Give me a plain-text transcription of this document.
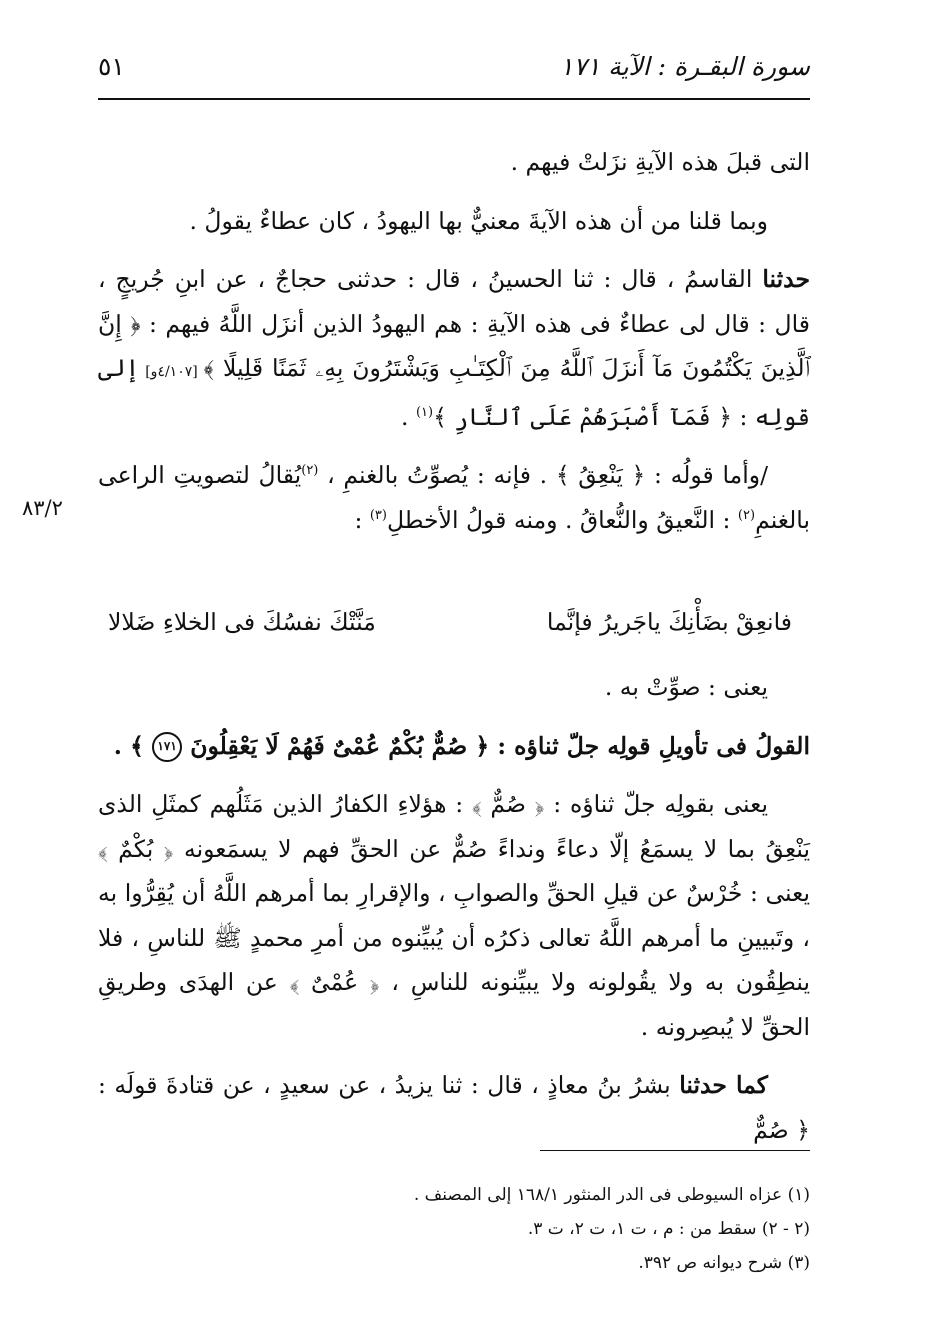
سورة البقـرة : الآية ١٧١
٥١
٨٣/٢

التى قبلَ هذه الآيةِ نزَلتْ فيهم .

وبما قلنا من أن هذه الآيةَ معنيٌّ بها اليهودُ ، كان عطاءٌ يقولُ .

حدثنا القاسمُ ، قال : ثنا الحسينُ ، قال : حدثنى حجاجٌ ، عن ابنِ جُريجٍ ، قال : قال لى عطاءٌ فى هذه الآيةِ : هم اليهودُ الذين أنزَل اللَّهُ فيهم : ﴿ إِنَّ ٱلَّذِينَ يَكْتُمُونَ مَآ أَنزَلَ ٱللَّهُ مِنَ ٱلْكِتَـٰبِ وَيَشْتَرُونَ بِهِۦ ثَمَنًا قَلِيلًا ﴾ [٤/١٠٧و] إلى قولِه : ﴿ فَمَآ أَصْبَرَهُمْ عَلَى ٱلنَّارِ ﴾$^{(١)}$ .

/وأما قولُه : ﴿ يَنْعِقُ ﴾ . فإنه : يُصوِّتُ بالغنمِ ، $^{(٢)}$يُقالُ لتصويتِ الراعى بالغنمِ$^{(٢)}$ : النَّعيقُ والنُّعاقُ . ومنه قولُ الأخطلِ$^{(٣)}$ :

فانعِقْ بضَأْنِكَ ياجَريرُ فإنَّما
مَنَّتْكَ نفسُكَ فى الخلاءِ ضَلالا

يعنى : صوِّتْ به .

القولُ فى تأويلِ قولِه جلّ ثناؤه : ﴿ صُمٌّ بُكْمٌ عُمْىٌ فَهُمْ لَا يَعْقِلُونَ ١٧١ ﴾ .

يعنى بقولِه جلّ ثناؤه : ﴿ صُمٌّ ﴾ : هؤلاءِ الكفارُ الذين مَثَلُهم كمثَلِ الذى يَنْعِقُ بما لا يسمَعُ إلّا دعاءً ونداءً صُمٌّ عن الحقِّ فهم لا يسمَعونه ﴿ بُكْمٌ ﴾ يعنى : خُرْسٌ عن قيلِ الحقِّ والصوابِ ، والإقرارِ بما أمرهم اللَّهُ أن يُقِرُّوا به ، وتَبيينِ ما أمرهم اللَّهُ تعالى ذكرُه أن يُبيِّنوه من أمرِ محمدٍ ﷺ للناسِ ، فلا ينطِقُون به ولا يقُولونه ولا يبيِّنونه للناسِ ، ﴿ عُمْىٌ ﴾ عن الهدَى وطريقِ الحقِّ لا يُبصِرونه .

كما حدثنا بشرُ بنُ معاذٍ ، قال : ثنا يزيدُ ، عن سعيدٍ ، عن قتادةَ قولَه : ﴿ صُمٌّ

(١) عزاه السيوطى فى الدر المنثور ١٦٨/١ إلى المصنف .

(٢ - ٢) سقط من : م ، ت ١، ت ٢، ت ٣.

(٣) شرح ديوانه ص ٣٩٢.
